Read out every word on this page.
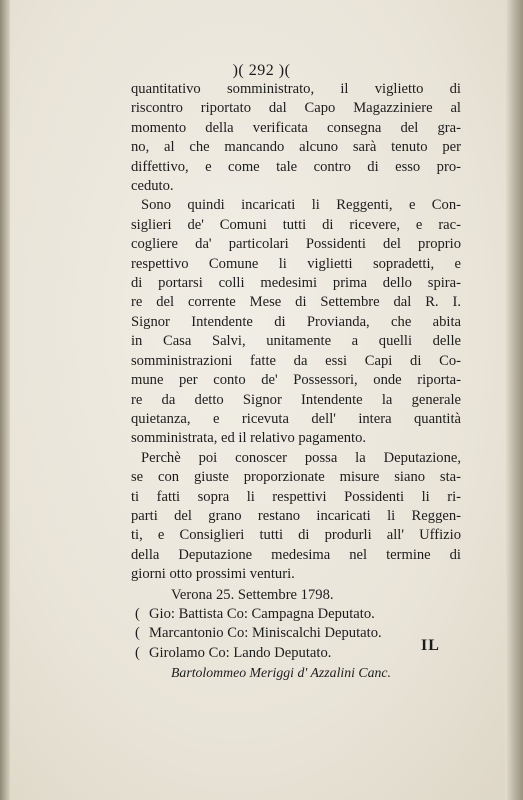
)( 292 )(
quantitativo somministrato, il viglietto di
riscontro riportato dal Capo Magazziniere al
momento della verificata consegna del gra-
no, al che mancando alcuno sarà tenuto per
diffettivo, e come tale contro di esso pro-
ceduto.
Sono quindi incaricati li Reggenti, e Con-
siglieri de' Comuni tutti di ricevere, e rac-
cogliere da' particolari Possidenti del proprio
respettivo Comune li viglietti sopradetti, e
di portarsi colli medesimi prima dello spira-
re del corrente Mese di Settembre dal R. I.
Signor Intendente di Provianda, che abita
in Casa Salvi, unitamente a quelli delle
somministrazioni fatte da essi Capi di Co-
mune per conto de' Possessori, onde riporta-
re da detto Signor Intendente la generale
quietanza, e ricevuta dell' intera quantità
somministrata, ed il relativo pagamento.
Perchè poi conoscer possa la Deputazione,
se con giuste proporzionate misure siano sta-
ti fatti sopra li respettivi Possidenti li ri-
parti del grano restano incaricati li Reggen-
ti, e Consiglieri tutti di produrli all' Uffizio
della Deputazione medesima nel termine di
giorni otto prossimi venturi.
Verona 25. Settembre 1798.
( Gio: Battista Co: Campagna Deputato.
( Marcantonio Co: Miniscalchi Deputato.
( Girolamo Co: Lando Deputato.
Bartolommeo Meriggi d' Azzalini Canc.
IL
